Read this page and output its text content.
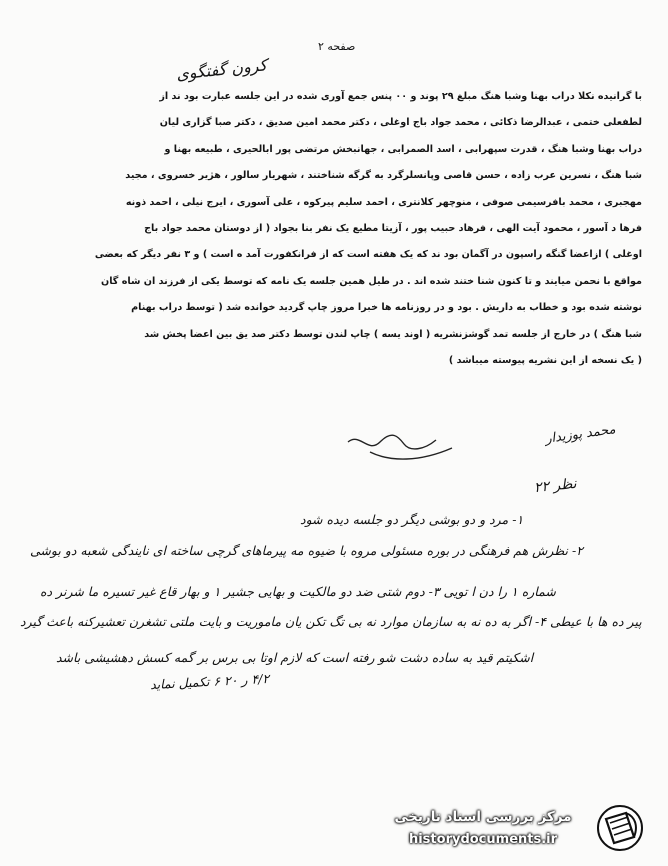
صفحه ۲
کرون گفتگوی

با گرانیده نکلا دراب بهنا وشبا هنگ مبلغ ۲۹ پوند و ۰۰ پنس جمع آوری شده در این جلسه عبارت بود ند از

لطفعلی ختمی ، عبدالرضا ذکائی ، محمد جواد باج اوغلی ، دکتر محمد امین صدیق ، دکتر صبا گزاری لیان

دراب بهنا وشبا هنگ ، قدرت سپهرابی ، اسد الصمرابی ، جهانبخش مرتضی پور ابالحیری ، طبیعه بهنا و

شبا هنگ ، نسرین عرب زاده ، حسن قاصی وپانسلرگرد به گرگه شناختند ، شهریار سالور ، هژیر خسروی ، مجید

مهجبری ، محمد بافرسیمی صوفی ، منوچهر کلانتری ، احمد سلیم پیرکوه ، علی آسوری ، ایرج نیلی ، احمد ذونه

فرها د آسور ، محمود آیت الهی ، فرهاد حبیب پور ، آزیتا مطیع یک نفر بنا بجواد ( از دوستان محمد جواد باج

اوغلی ) ازاعضا گنگه راسپون در آگمان بود ند که یک هفته است که از فرانکفورت آمد ه است ) و ۳ نفر دیگر که بعضی

مواقع با نحمن میایند و تا کنون شنا ختند شده اند . در طیل همین جلسه یک نامه که توسط یکی از فرزند ان شاه گان

نوشته شده بود و خطاب به داریش . بود و در روزنامه ها خبرا مروز چاپ گردید خوانده شد ( توسط دراب بهنام

شبا هنگ ) در خارج از جلسه تمد گوشزنشریه ( اوند یسه ) چاپ لندن توسط دکتر صد یق بین اعضا پخش شد

( یک نسخه از این نشریه پیوسته میباشد )

محمد پوزیدار
نظر ۲۲
۱- مرد و دو بوشی دیگر دو جلسه دیده شود
۲- نظرش هم فرهنگی در بوره مسئولی مروه با ضیوه مه پیرماهای گرچی ساخته ای نایندگی شعبه دو بوشی
شماره ۱ را دن ا تویی ۳- دوم شتی ضد دو مالکیت و بهایی جشیر ۱ و بهار قاع غیر تسیره ما شرنر ده
پیر ده ها با عیطی ۴- اگر به ده نه به سازمان موارد نه بی تگ تکن یان ماموریت و بایت ملتی تشغرن تعشیرکنه باعث گیرد
اشکیتم قید به ساده دشت شو رفته است که لازم اوتا بی برس بر گمه کسش دهشیشی باشد
۴/۲ ر ۲۰ ۶ تکمیل نماید
مرکز بررسی اسناد تاریخی
historydocuments.ir
